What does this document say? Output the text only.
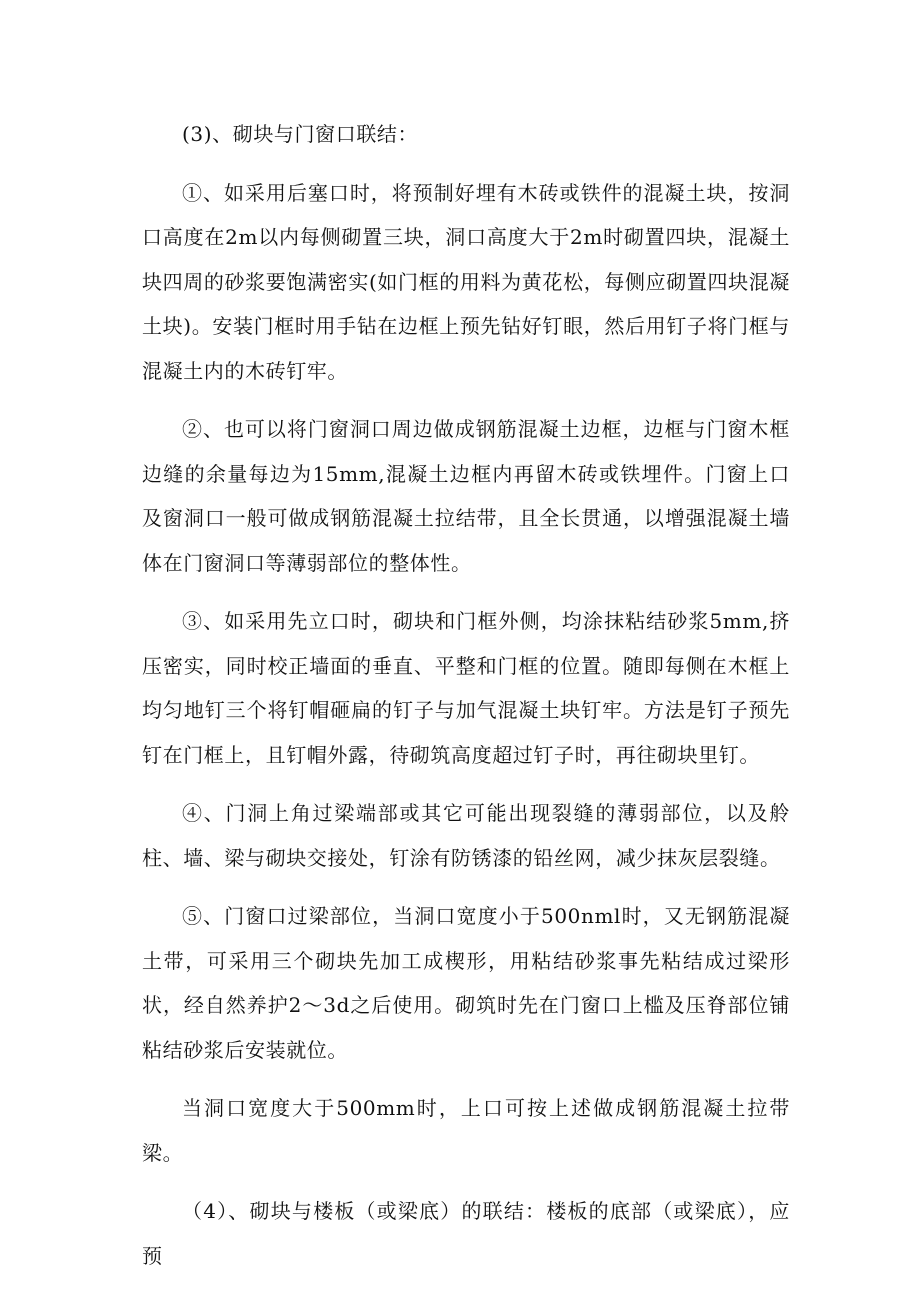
(3)、砌块与门窗口联结：

①、如采用后塞口时，将预制好埋有木砖或铁件的混凝土块，按洞口高度在2m以内每侧砌置三块，洞口高度大于2m时砌置四块，混凝土块四周的砂浆要饱满密实(如门框的用料为黄花松，每侧应砌置四块混凝土块)。安装门框时用手钻在边框上预先钻好钉眼，然后用钉子将门框与混凝土内的木砖钉牢。

②、也可以将门窗洞口周边做成钢筋混凝土边框，边框与门窗木框边缝的余量每边为15mm,混凝土边框内再留木砖或铁埋件。门窗上口及窗洞口一般可做成钢筋混凝土拉结带，且全长贯通，以增强混凝土墙体在门窗洞口等薄弱部位的整体性。

③、如采用先立口时，砌块和门框外侧，均涂抹粘结砂浆5mm,挤压密实，同时校正墙面的垂直、平整和门框的位置。随即每侧在木框上均匀地钉三个将钉帽砸扁的钉子与加气混凝土块钉牢。方法是钉子预先钉在门框上，且钉帽外露，待砌筑高度超过钉子时，再往砌块里钉。

④、门洞上角过梁端部或其它可能出现裂缝的薄弱部位，以及舲柱、墙、梁与砌块交接处，钉涂有防锈漆的铅丝网，减少抹灰层裂缝。

⑤、门窗口过梁部位，当洞口宽度小于500nml时，又无钢筋混凝土带，可采用三个砌块先加工成楔形，用粘结砂浆事先粘结成过梁形状，经自然养护2～3d之后使用。砌筑时先在门窗口上槛及压脊部位铺粘结砂浆后安装就位。

当洞口宽度大于500mm时，上口可按上述做成钢筋混凝土拉带梁。

（4）、砌块与楼板（或梁底）的联结：楼板的底部（或梁底），应预
